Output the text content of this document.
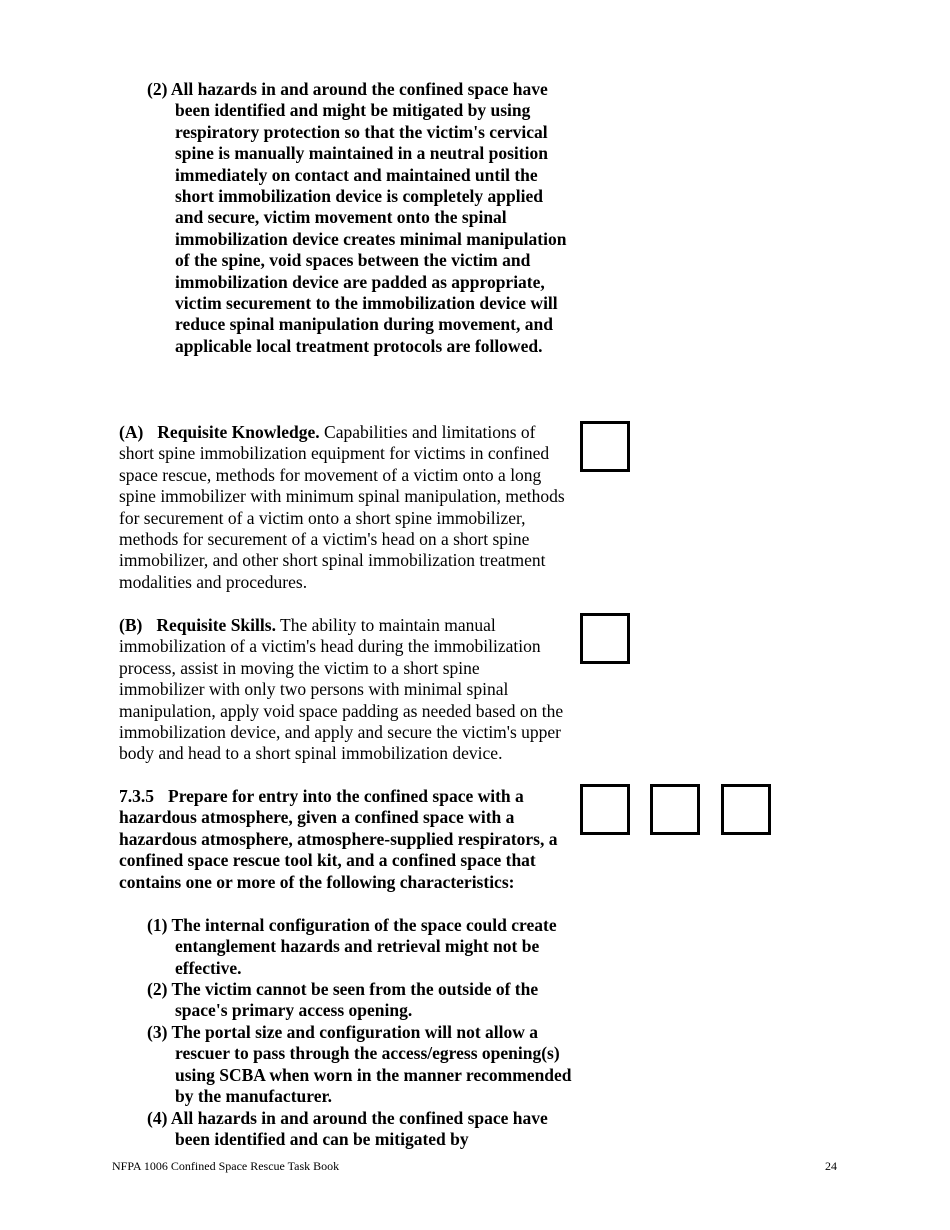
(2) All hazards in and around the confined space have been identified and might be mitigated by using respiratory protection so that the victim's cervical spine is manually maintained in a neutral position immediately on contact and maintained until the short immobilization device is completely applied and secure, victim movement onto the spinal immobilization device creates minimal manipulation of the spine, void spaces between the victim and immobilization device are padded as appropriate, victim securement to the immobilization device will reduce spinal manipulation during movement, and applicable local treatment protocols are followed.
(A) Requisite Knowledge. Capabilities and limitations of short spine immobilization equipment for victims in confined space rescue, methods for movement of a victim onto a long spine immobilizer with minimum spinal manipulation, methods for securement of a victim onto a short spine immobilizer, methods for securement of a victim's head on a short spine immobilizer, and other short spinal immobilization treatment modalities and procedures.
(B) Requisite Skills. The ability to maintain manual immobilization of a victim's head during the immobilization process, assist in moving the victim to a short spine immobilizer with only two persons with minimal spinal manipulation, apply void space padding as needed based on the immobilization device, and apply and secure the victim's upper body and head to a short spinal immobilization device.
7.3.5 Prepare for entry into the confined space with a hazardous atmosphere, given a confined space with a hazardous atmosphere, atmosphere-supplied respirators, a confined space rescue tool kit, and a confined space that contains one or more of the following characteristics:
(1) The internal configuration of the space could create entanglement hazards and retrieval might not be effective.
(2) The victim cannot be seen from the outside of the space's primary access opening.
(3) The portal size and configuration will not allow a rescuer to pass through the access/egress opening(s) using SCBA when worn in the manner recommended by the manufacturer.
(4) All hazards in and around the confined space have been identified and can be mitigated by
NFPA 1006 Confined Space Rescue Task Book	24
